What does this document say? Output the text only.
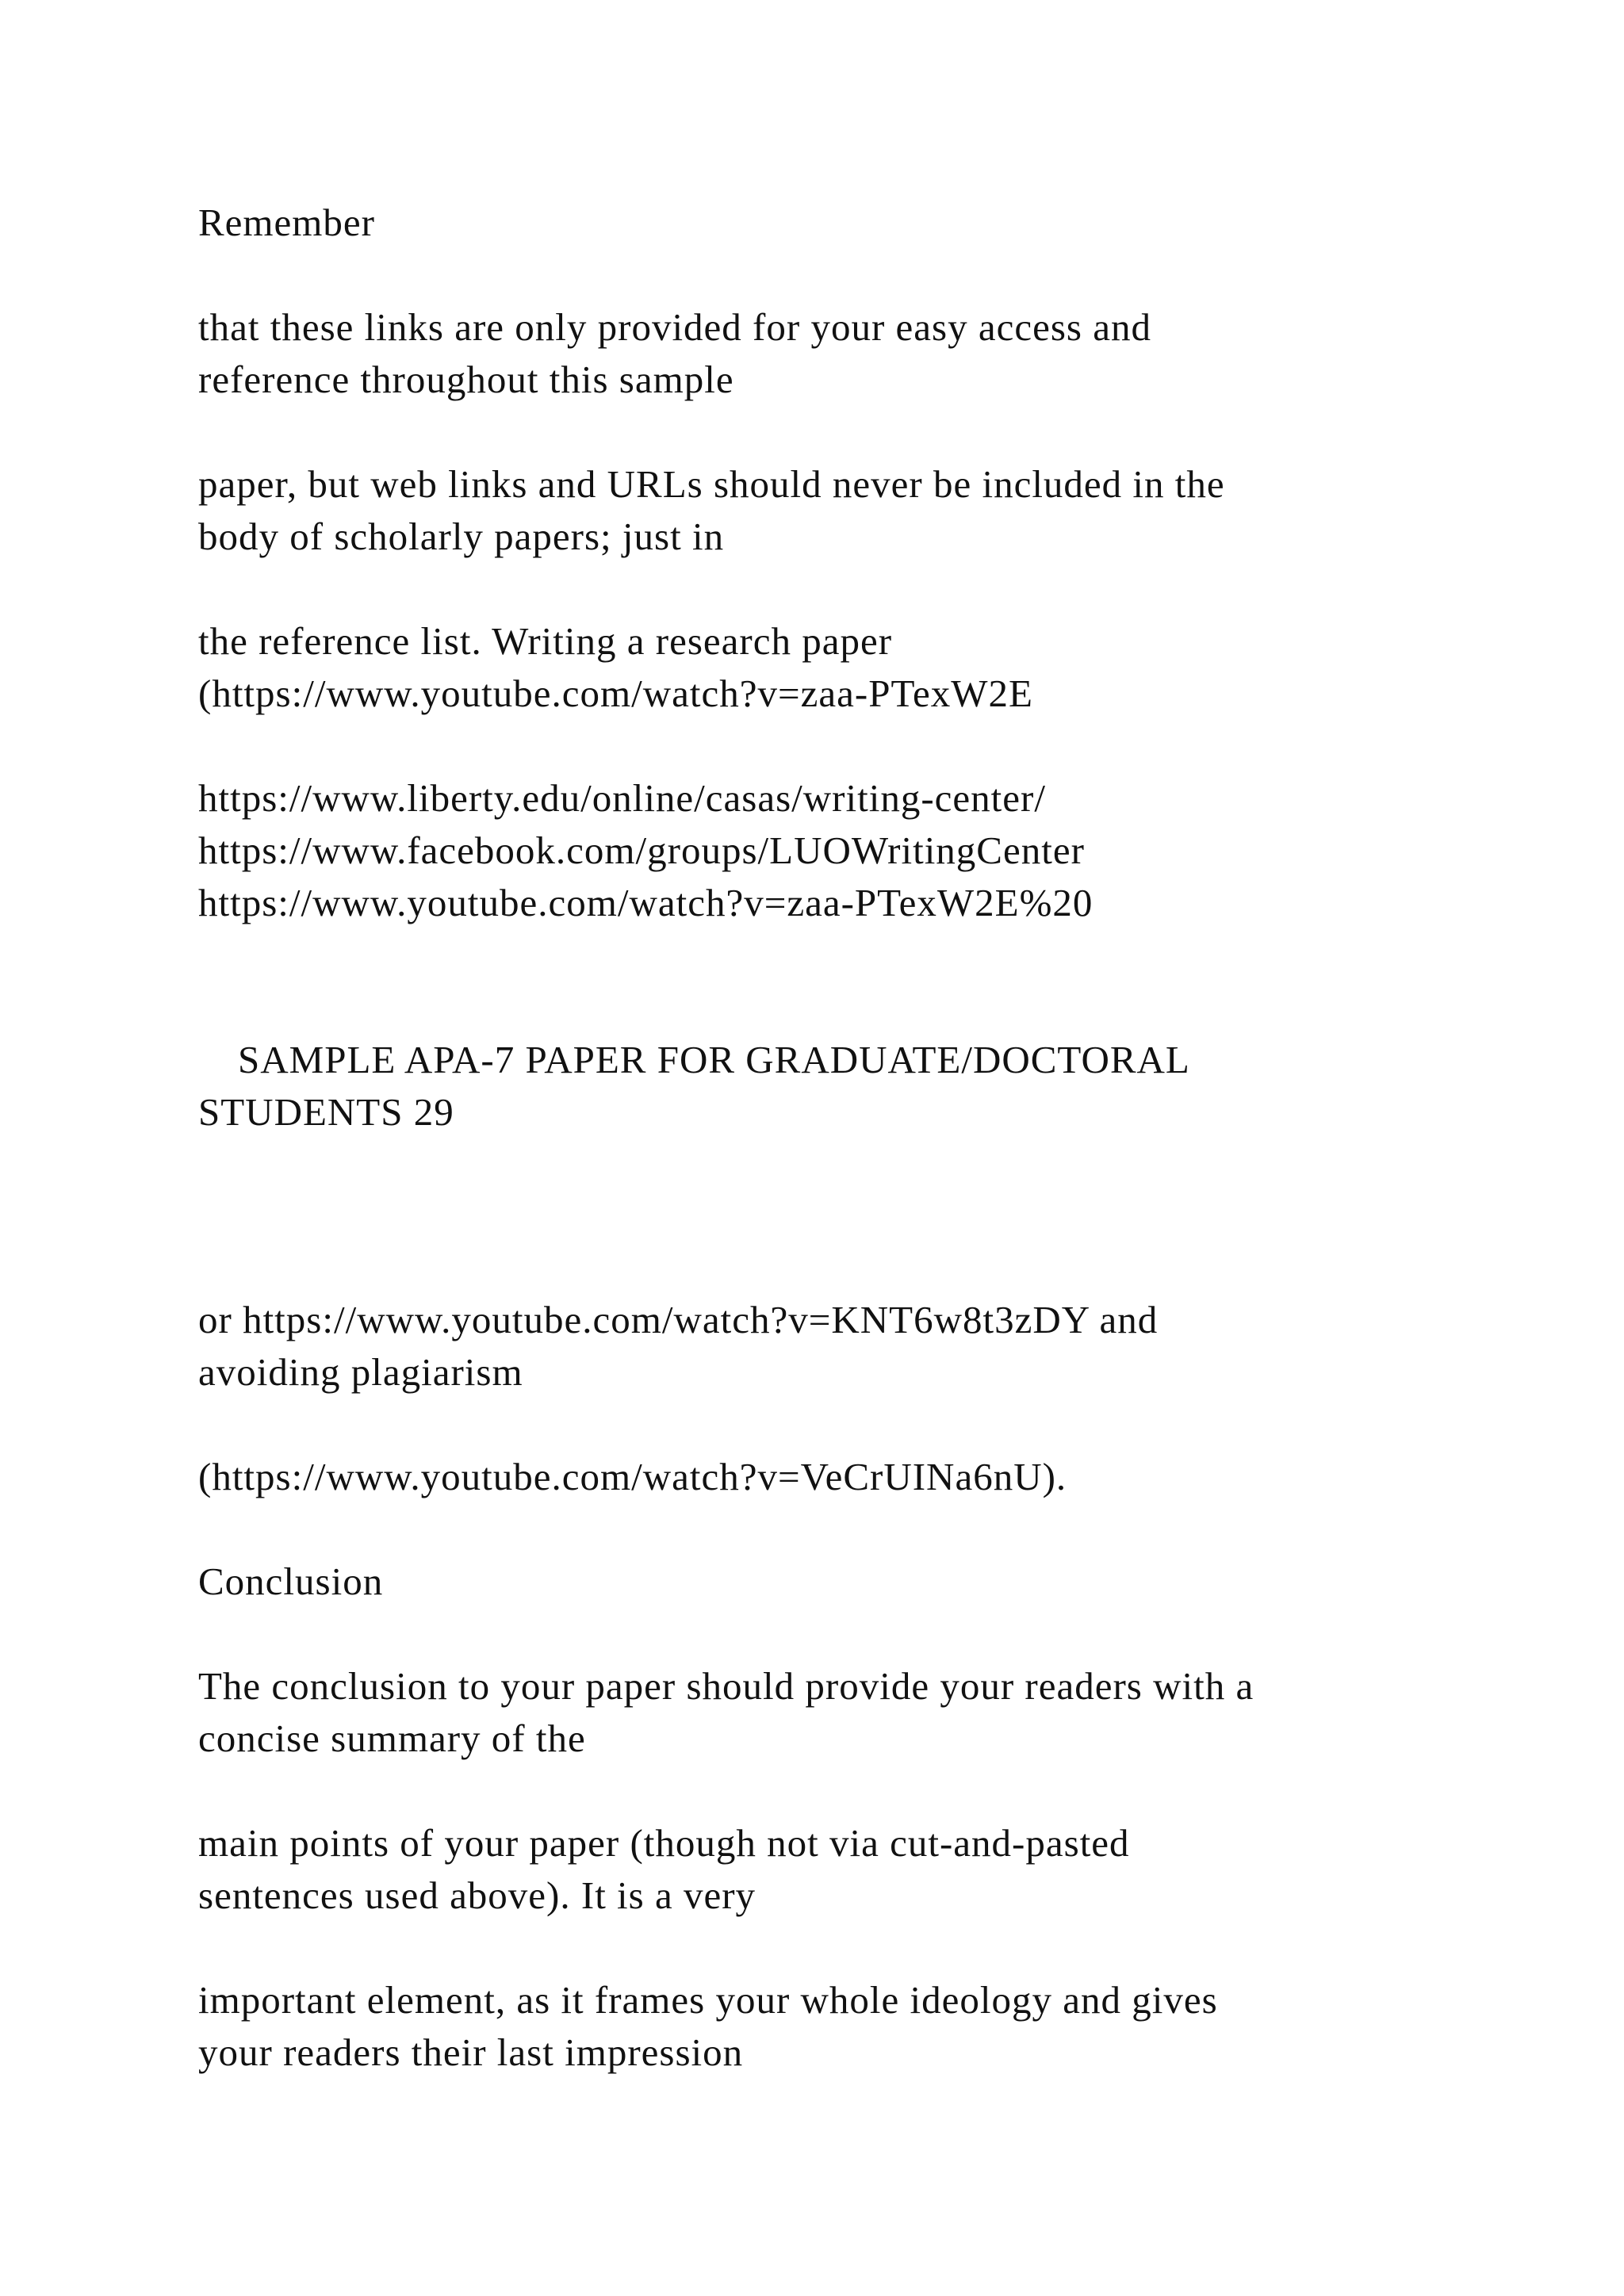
Remember
that these links are only provided for your easy access and
reference throughout this sample
paper, but web links and URLs should never be included in the
body of scholarly papers; just in
the reference list. Writing a research paper
(https://www.youtube.com/watch?v=zaa-PTexW2E
https://www.liberty.edu/online/casas/writing-center/
https://www.facebook.com/groups/LUOWritingCenter
https://www.youtube.com/watch?v=zaa-PTexW2E%20
SAMPLE APA-7 PAPER FOR GRADUATE/DOCTORAL
STUDENTS 29
or https://www.youtube.com/watch?v=KNT6w8t3zDY and
avoiding plagiarism
(https://www.youtube.com/watch?v=VeCrUINa6nU).
Conclusion
The conclusion to your paper should provide your readers with a
concise summary of the
main points of your paper (though not via cut-and-pasted
sentences used above). It is a very
important element, as it frames your whole ideology and gives
your readers their last impression
